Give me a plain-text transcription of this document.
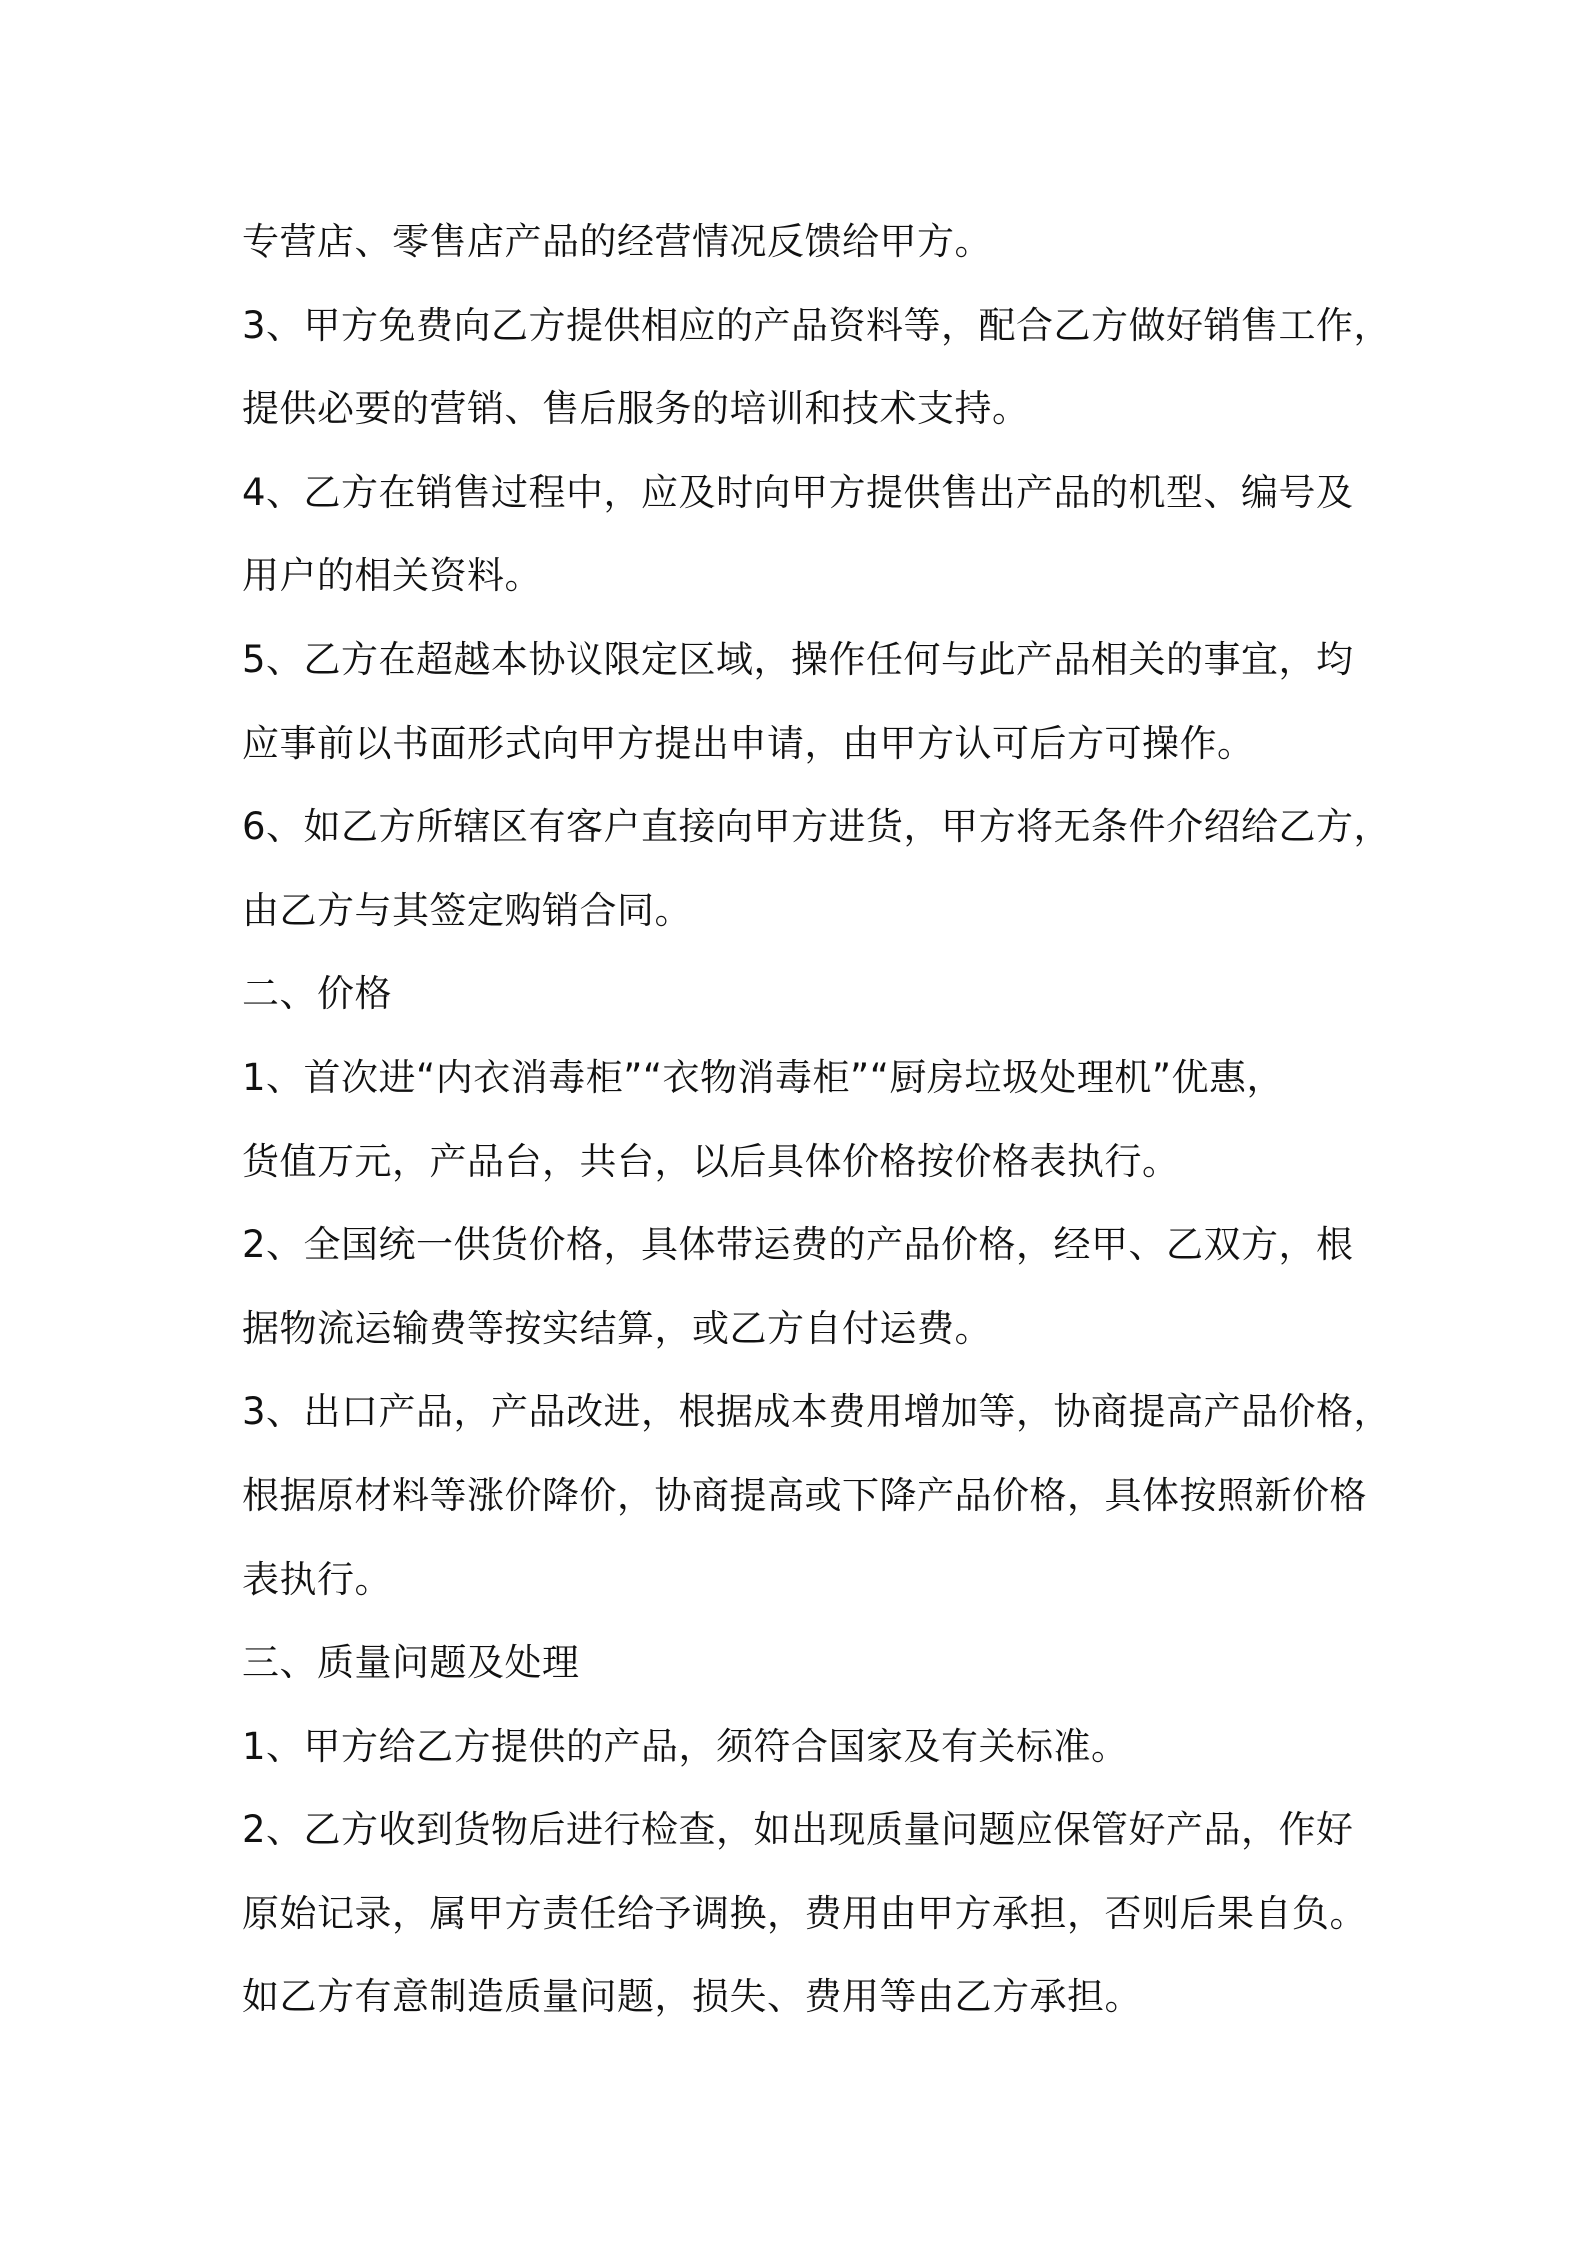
专营店、零售店产品的经营情况反馈给甲方。
3、甲方免费向乙方提供相应的产品资料等，配合乙方做好销售工作，
提供必要的营销、售后服务的培训和技术支持。
4、乙方在销售过程中，应及时向甲方提供售出产品的机型、编号及
用户的相关资料。
5、乙方在超越本协议限定区域，操作任何与此产品相关的事宜，均
应事前以书面形式向甲方提出申请，由甲方认可后方可操作。
6、如乙方所辖区有客户直接向甲方进货，甲方将无条件介绍给乙方，
由乙方与其签定购销合同。
二、价格
1、首次进“内衣消毒柜”“衣物消毒柜”“厨房垃圾处理机”优惠，
货值万元，产品台，共台，以后具体价格按价格表执行。
2、全国统一供货价格，具体带运费的产品价格，经甲、乙双方，根
据物流运输费等按实结算，或乙方自付运费。
3、出口产品，产品改进，根据成本费用增加等，协商提高产品价格，
根据原材料等涨价降价，协商提高或下降产品价格，具体按照新价格
表执行。
三、质量问题及处理
1、甲方给乙方提供的产品，须符合国家及有关标准。
2、乙方收到货物后进行检查，如出现质量问题应保管好产品，作好
原始记录，属甲方责任给予调换，费用由甲方承担，否则后果自负。
如乙方有意制造质量问题，损失、费用等由乙方承担。
